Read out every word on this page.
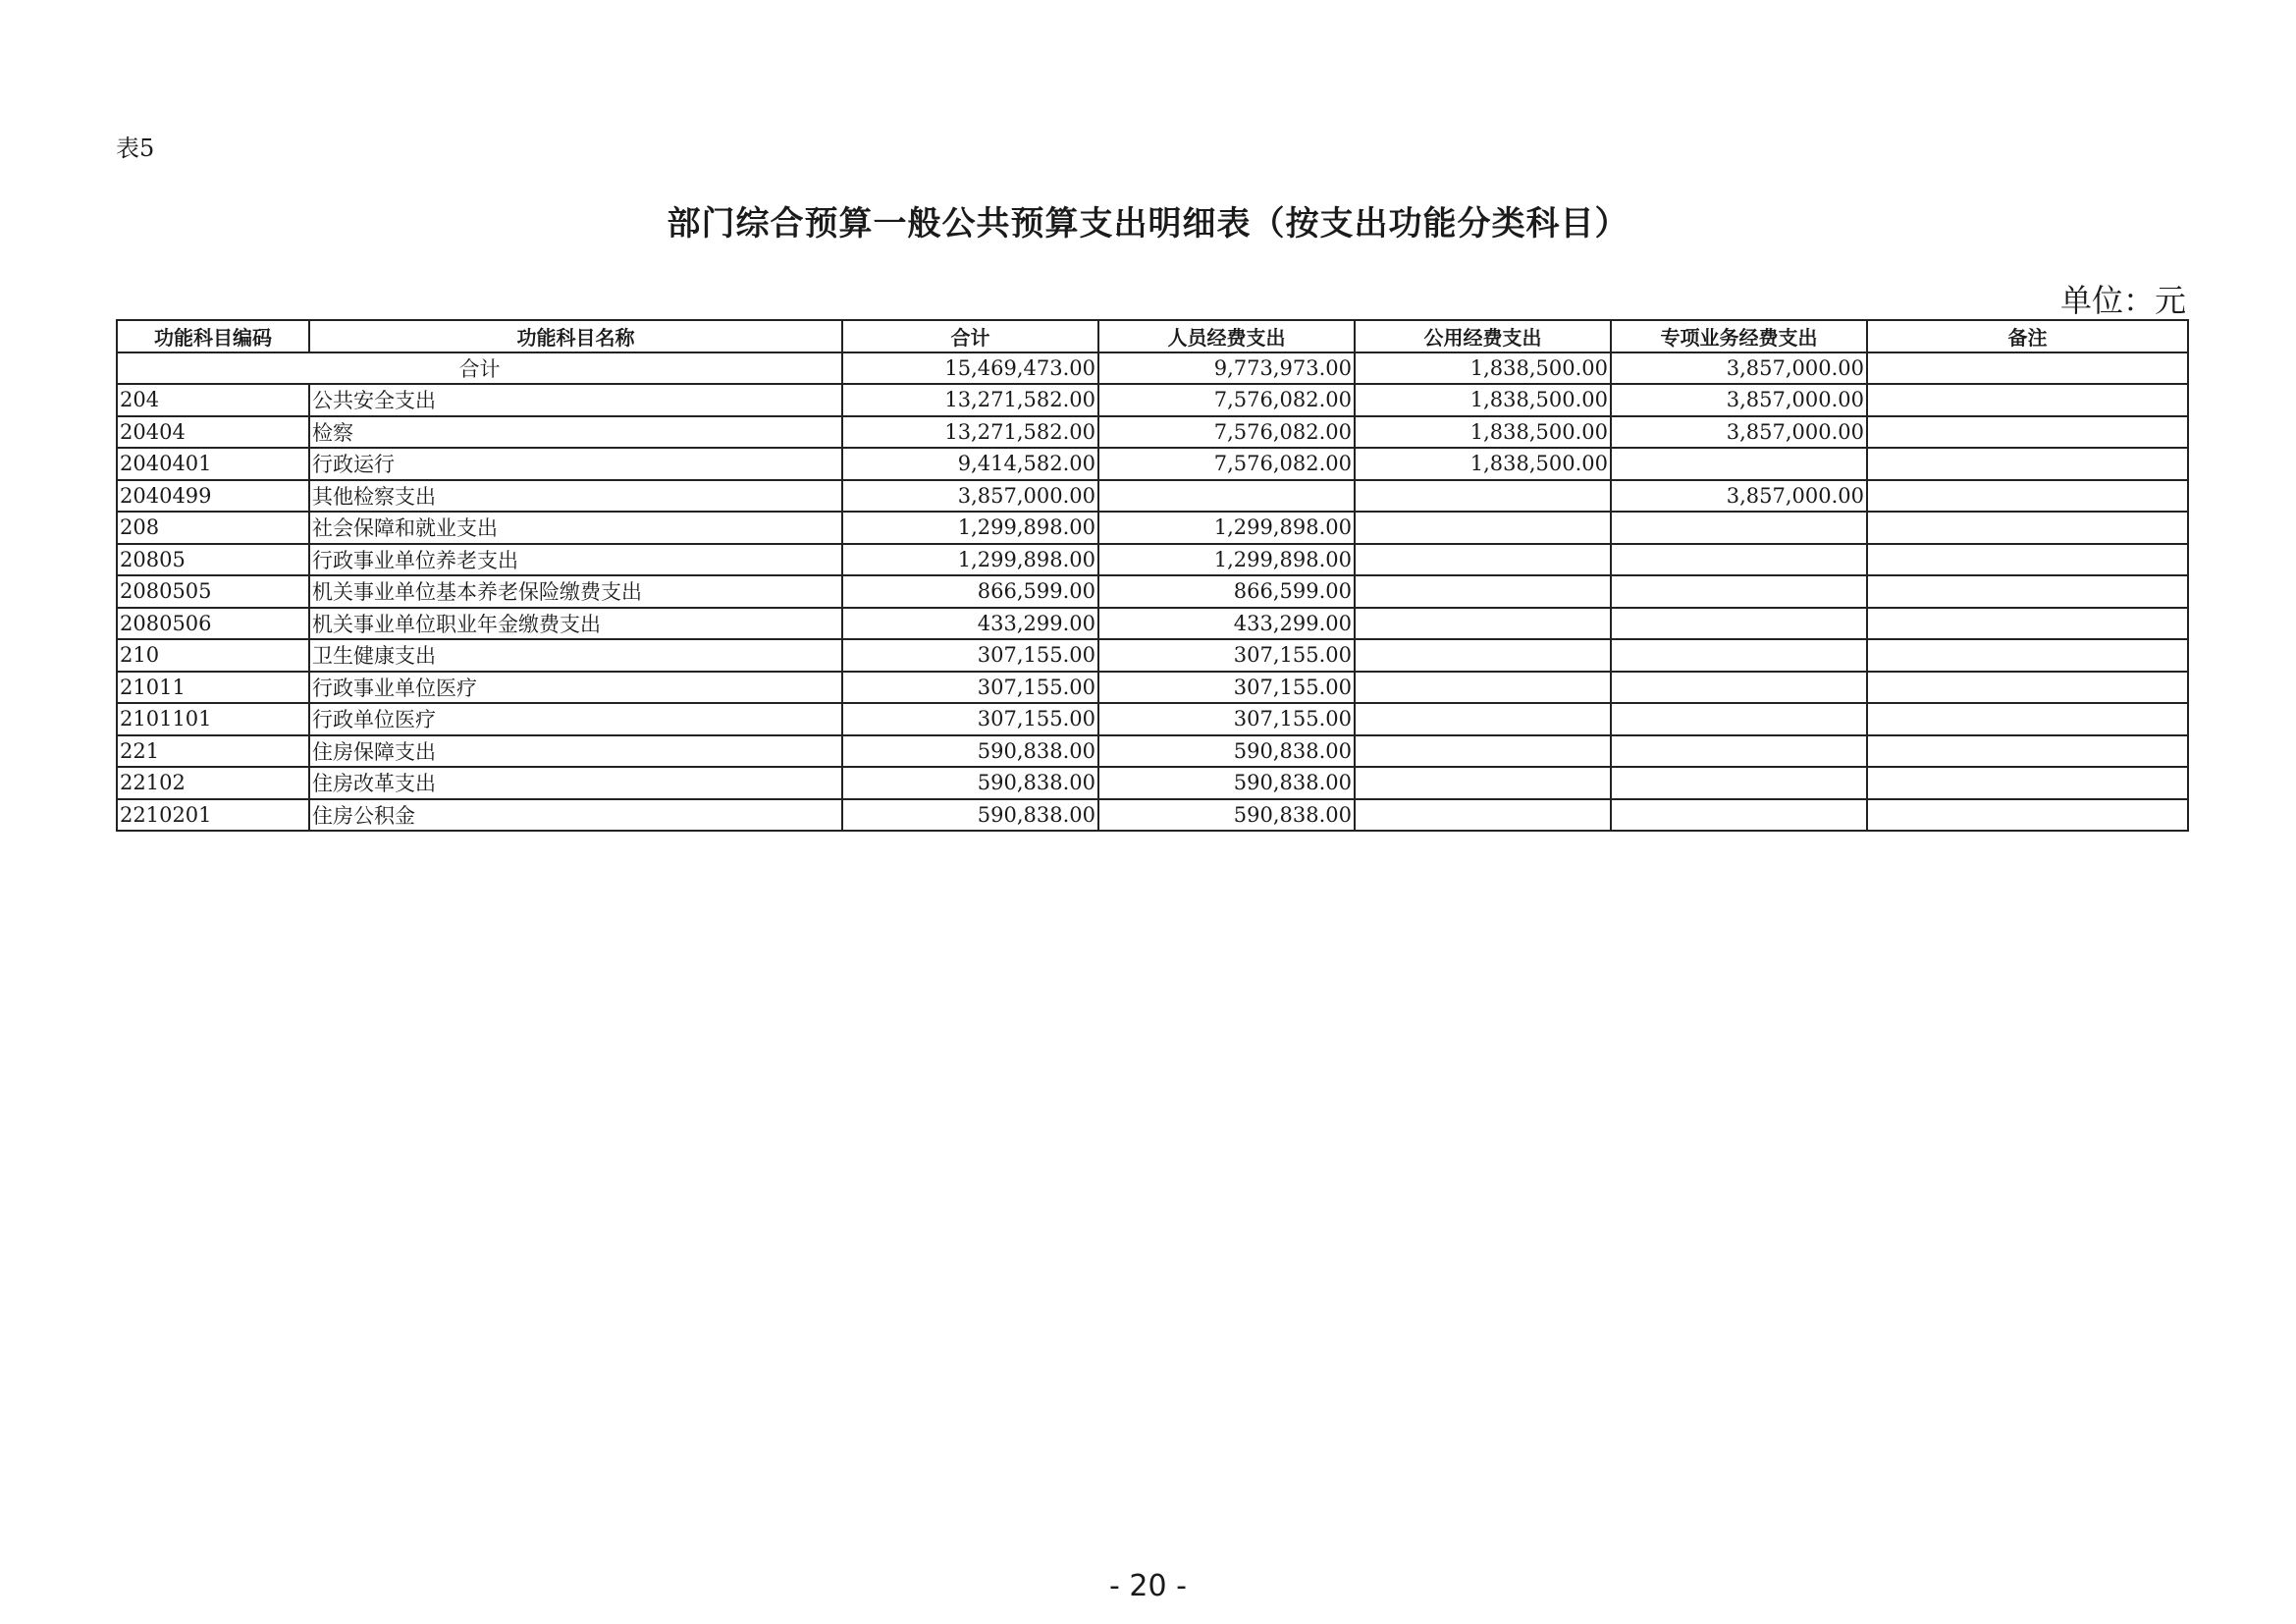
表5
部门综合预算一般公共预算支出明细表（按支出功能分类科目）
单位：元
功能科目编码	功能科目名称	合计	人员经费支出	公用经费支出	专项业务经费支出	备注
合计		15,469,473.00	9,773,973.00	1,838,500.00	3,857,000.00	
204	公共安全支出	13,271,582.00	7,576,082.00	1,838,500.00	3,857,000.00	
20404	检察	13,271,582.00	7,576,082.00	1,838,500.00	3,857,000.00	
2040401	行政运行	9,414,582.00	7,576,082.00	1,838,500.00		
2040499	其他检察支出	3,857,000.00			3,857,000.00	
208	社会保障和就业支出	1,299,898.00	1,299,898.00			
20805	行政事业单位养老支出	1,299,898.00	1,299,898.00			
2080505	机关事业单位基本养老保险缴费支出	866,599.00	866,599.00			
2080506	机关事业单位职业年金缴费支出	433,299.00	433,299.00			
210	卫生健康支出	307,155.00	307,155.00			
21011	行政事业单位医疗	307,155.00	307,155.00			
2101101	行政单位医疗	307,155.00	307,155.00			
221	住房保障支出	590,838.00	590,838.00			
22102	住房改革支出	590,838.00	590,838.00			
2210201	住房公积金	590,838.00	590,838.00			
- 20 -
